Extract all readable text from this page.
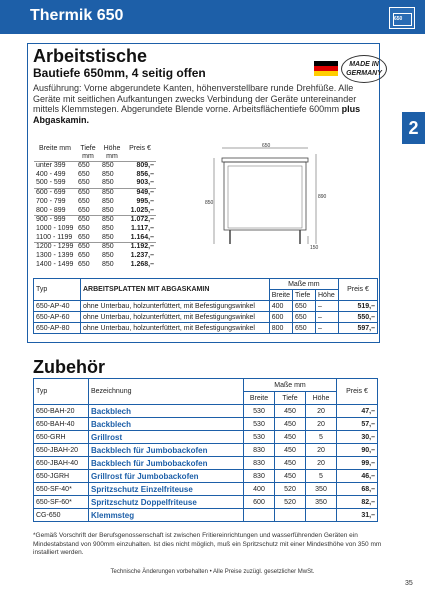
Thermik 650	650
2
Arbeitstische
Bautiefe 650mm, 4 seitig offen
MADE IN GERMANY
Ausführung: Vorne abgerundete Kanten, höhenverstellbare runde Drehfüße. Alle Geräte mit seitlichen Aufkantungen zwecks Verbindung der Geräte untereinander mittels Klemmstegen. Abgerundete Blende vorne. Arbeitsflächentiefe 600mm plus Abgaskamin.
Breite mm	Tiefe mm	Höhe mm	Preis €
unter 399	650	850	809,–
400 - 499	650	850	856,–
500 - 599	650	850	903,–
600 - 699	650	850	949,–
700 - 799	650	850	995,–
800 - 899	650	850	1.025,–
900 - 999	650	850	1.072,–
1000 - 1099	650	850	1.117,–
1100 - 1199	650	850	1.164,–
1200 - 1299	650	850	1.192,–
1300 - 1399	650	850	1.237,–
1400 - 1499	650	850	1.268,–
650
850
890
150
Typ	ARBEITSPLATTEN MIT ABGASKAMIN	Maße mm			Preis €
		Breite	Tiefe	Höhe	
650-AP-40	ohne Unterbau, holzunterfüttert, mit Befestigungswinkel	400	650	–	519,–
650-AP-60	ohne Unterbau, holzunterfüttert, mit Befestigungswinkel	600	650	–	550,–
650-AP-80	ohne Unterbau, holzunterfüttert, mit Befestigungswinkel	800	650	–	597,–
Zubehör
Typ	Bezeichnung	Maße mm			Preis €
		Breite	Tiefe	Höhe	
650-BAH-20	Backblech	530	450	20	47,–
650-BAH-40	Backblech	530	450	20	57,–
650-GRH	Grillrost	530	450	5	30,–
650-JBAH-20	Backblech für Jumbobackofen	830	450	20	90,–
650-JBAH-40	Backblech für Jumbobackofen	830	450	20	99,–
650-JGRH	Grillrost für Jumbobackofen	830	450	5	46,–
650-SF-40*	Spritzschutz Einzelfriteuse	400	520	350	68,–
650-SF-60*	Spritzschutz Doppelfriteuse	600	520	350	82,–
CG-650	Klemmsteg				31,–
*Gemäß Vorschrift der Berufsgenossenschaft ist zwischen Fritiereinrichtungen und wasserführenden Geräten ein Mindestabstand von 900mm einzuhalten. Ist dies nicht möglich, muß ein Spritzschutz mit einer Mindesthöhe von 350 mm installiert werden.
Technische Änderungen vorbehalten • Alle Preise zuzügl. gesetzlicher MwSt.
35
